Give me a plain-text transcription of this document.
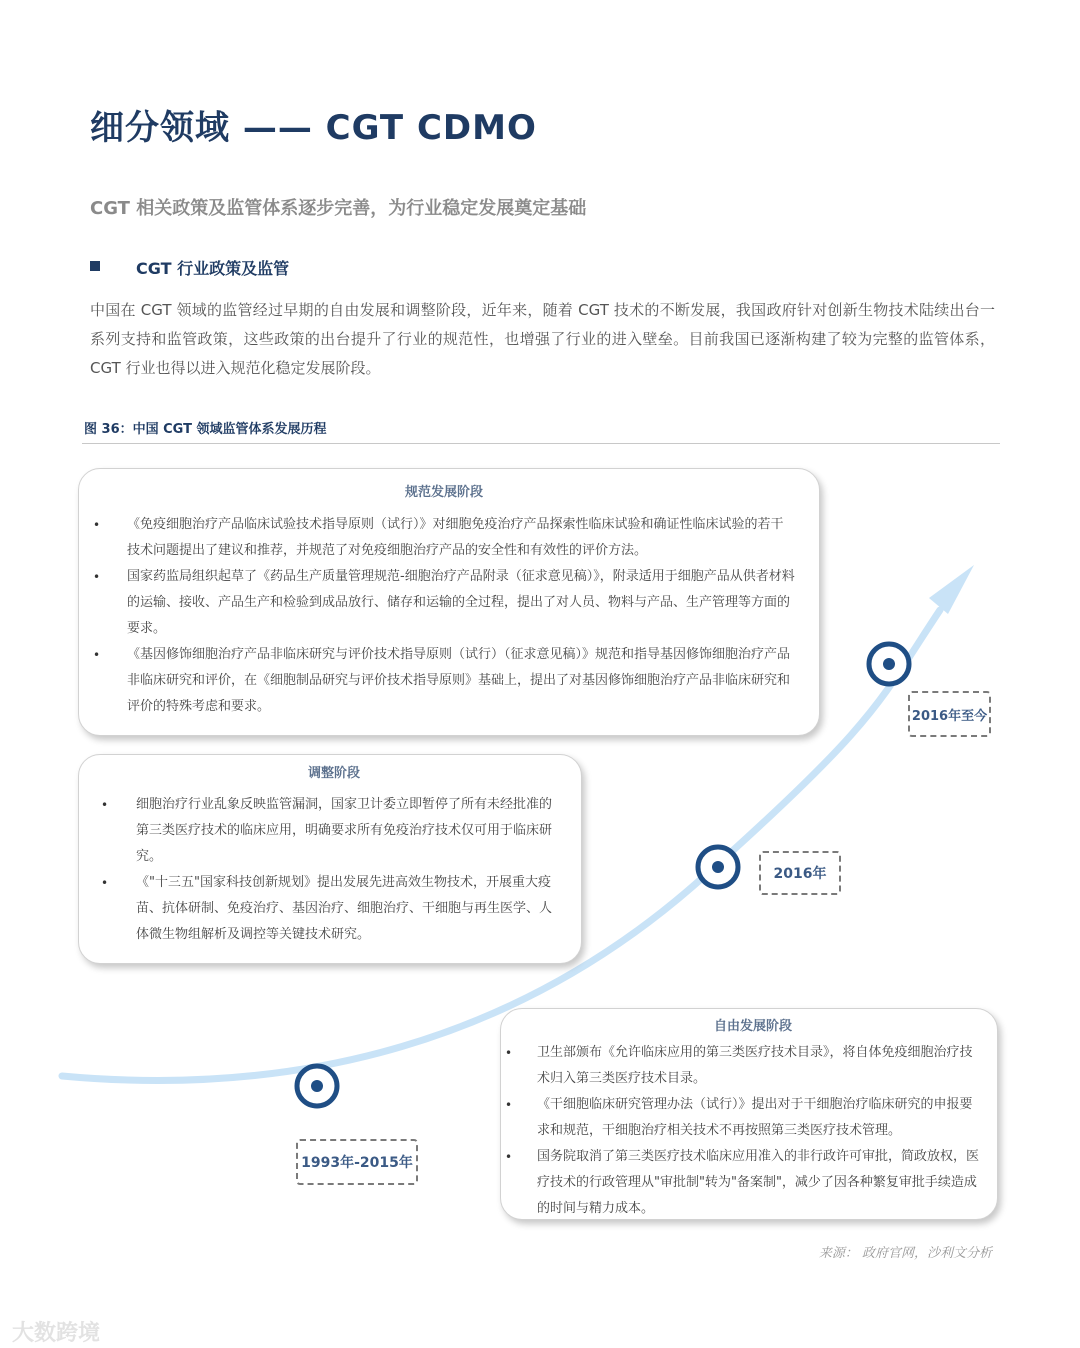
细分领域 —— CGT CDMO
CGT 相关政策及监管体系逐步完善，为行业稳定发展奠定基础
CGT 行业政策及监管
中国在 CGT 领域的监管经过早期的自由发展和调整阶段，近年来，随着 CGT 技术的不断发展，我国政府针对创新生物技术陆续出台一系列支持和监管政策，这些政策的出台提升了行业的规范性，也增强了行业的进入壁垒。目前我国已逐渐构建了较为完整的监管体系，CGT 行业也得以进入规范化稳定发展阶段。
图 36：中国 CGT 领域监管体系发展历程
规范发展阶段
• 《免疫细胞治疗产品临床试验技术指导原则（试行）》对细胞免疫治疗产品探索性临床试验和确证性临床试验的若干技术问题提出了建议和推荐，并规范了对免疫细胞治疗产品的安全性和有效性的评价方法。
• 国家药监局组织起草了《药品生产质量管理规范-细胞治疗产品附录（征求意见稿）》，附录适用于细胞产品从供者材料的运输、接收、产品生产和检验到成品放行、储存和运输的全过程，提出了对人员、物料与产品、生产管理等方面的要求。
• 《基因修饰细胞治疗产品非临床研究与评价技术指导原则（试行）（征求意见稿）》规范和指导基因修饰细胞治疗产品非临床研究和评价，在《细胞制品研究与评价技术指导原则》基础上，提出了对基因修饰细胞治疗产品非临床研究和评价的特殊考虑和要求。
调整阶段
• 细胞治疗行业乱象反映监管漏洞，国家卫计委立即暂停了所有未经批准的第三类医疗技术的临床应用，明确要求所有免疫治疗技术仅可用于临床研究。
• 《"十三五"国家科技创新规划》提出发展先进高效生物技术，开展重大疫苗、抗体研制、免疫治疗、基因治疗、细胞治疗、干细胞与再生医学、人体微生物组解析及调控等关键技术研究。
自由发展阶段
• 卫生部颁布《允许临床应用的第三类医疗技术目录》，将自体免疫细胞治疗技术归入第三类医疗技术目录。
• 《干细胞临床研究管理办法（试行）》提出对于干细胞治疗临床研究的申报要求和规范，干细胞治疗相关技术不再按照第三类医疗技术管理。
• 国务院取消了第三类医疗技术临床应用准入的非行政许可审批，简政放权，医疗技术的行政管理从"审批制"转为"备案制"，减少了因各种繁复审批手续造成的时间与精力成本。
1993年-2015年
2016年
2016年至今
来源： 政府官网，沙利文分析
大数跨境
